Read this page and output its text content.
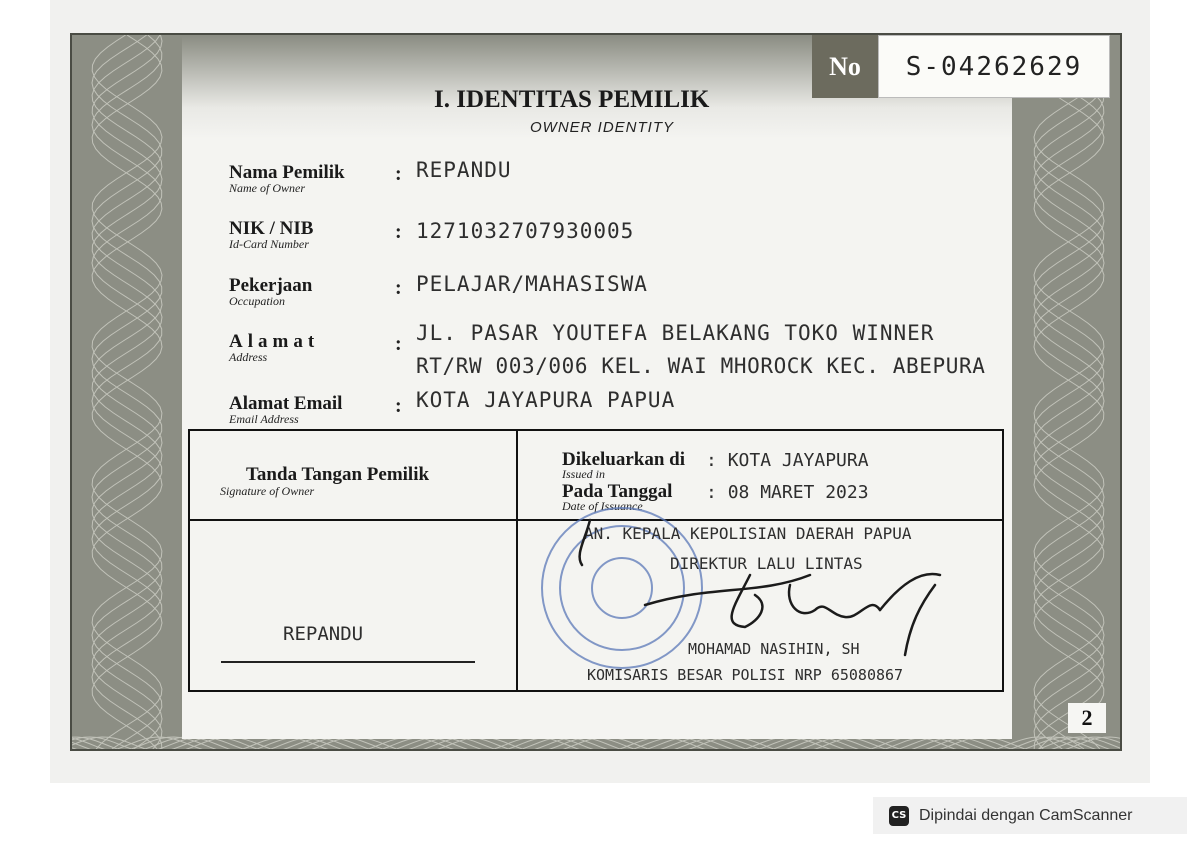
No	S-04262629
I. IDENTITAS PEMILIK
OWNER IDENTITY
Nama Pemilik
Name of Owner
: REPANDU
NIK / NIB
Id-Card Number
: 1271032707930005
Pekerjaan
Occupation
: PELAJAR/MAHASISWA
Alamat
Address
: JL. PASAR YOUTEFA BELAKANG TOKO WINNER
RT/RW 003/006 KEL. WAI MHOROCK KEC. ABEPURA
Alamat Email
Email Address
: KOTA JAYAPURA PAPUA
Tanda Tangan Pemilik
Signature of Owner
REPANDU
Dikeluarkan di
Issued in
: KOTA JAYAPURA
Pada Tanggal
Date of Issuance
: 08 MARET 2023
AN. KEPALA KEPOLISIAN DAERAH PAPUA
DIREKTUR LALU LINTAS
MOHAMAD NASIHIN, SH
KOMISARIS BESAR POLISI NRP 65080867
2
CS Dipindai dengan CamScanner
